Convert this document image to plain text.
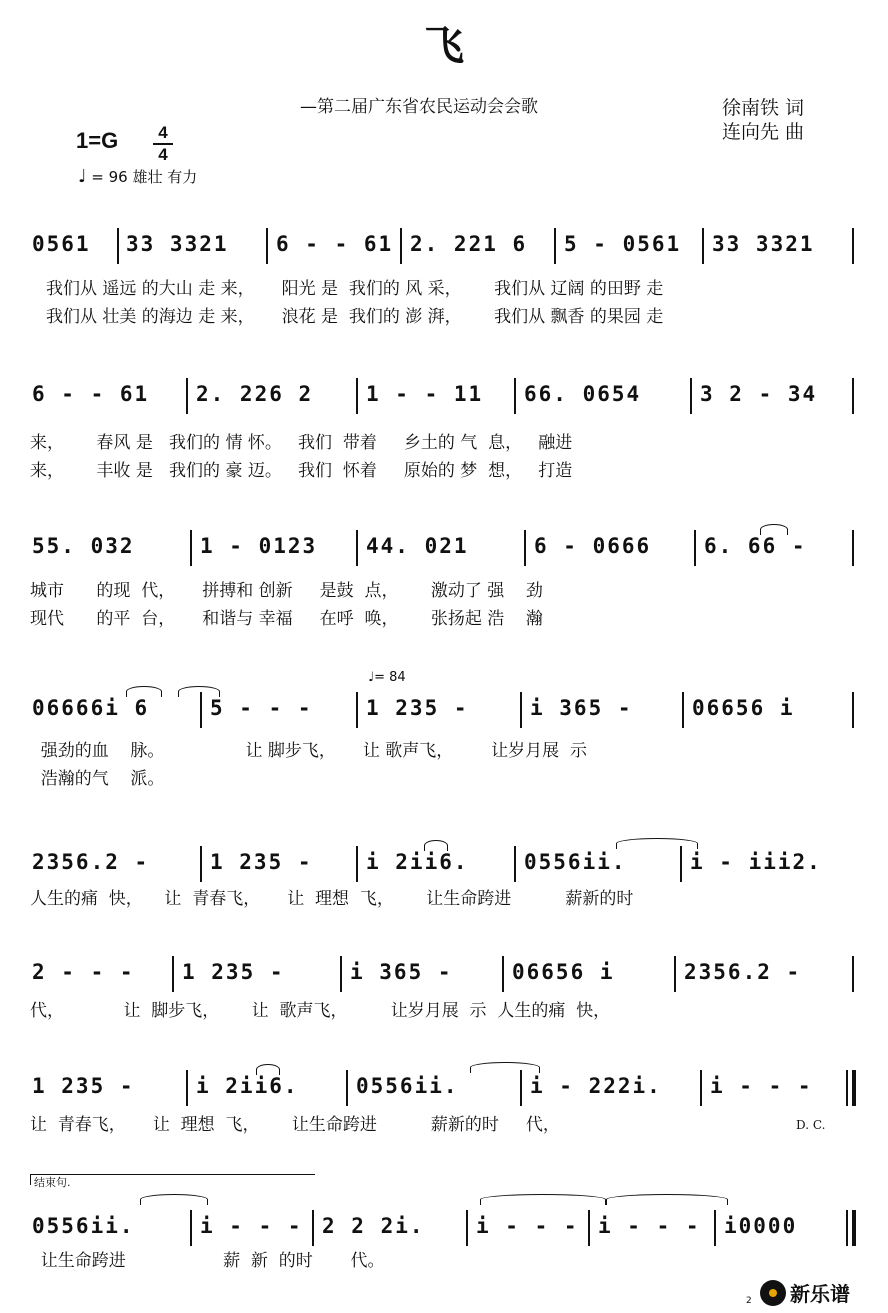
飞
—第二届广东省农民运动会会歌	徐南铁 词
连向先 曲
1=G	4
4
♩ = 96 雄壮 有力
0561 33 3321 6 - - 61 2. 221 6 5 - 0561 33 3321
我们从 遥远 的大山 走 来，     阳光 是  我们的 风 采，      我们从 辽阔 的田野 走
我们从 壮美 的海边 走 来，     浪花 是  我们的 澎 湃，      我们从 飘香 的果园 走
6 - - 61 2. 226 2	1 - - 11 66. 0654	3 2 - 34
来，      春风 是   我们的 情 怀。   我们  带着     乡土的 气  息，   融进
来，      丰收 是   我们的 豪 迈。   我们  怀着     原始的 梦  想，   打造
55. 032	1 - 0123 44. 021	6 - 0666	6. 66 -
城市      的现  代，     拼搏和 创新     是鼓  点，      激动了 强    劲
现代      的平  台，     和谐与 幸福     在呼  唤，      张扬起 浩    瀚
♩= 84
06666i 6	5 - - -	1 235 -	i 365 -	06656 i
强劲的血    脉。               让 脚步飞，     让 歌声飞，       让岁月展  示
浩瀚的气    派。
2356.2 -	1 235 -	i 2ii6.	0556ii.	i - iii2.
人生的痛  快，    让  青春飞，     让  理想  飞，      让生命跨进          薪新的时
2 - - - 1 235 -	i 365 -	06656 i	2356.2 -
代，           让  脚步飞，      让  歌声飞，        让岁月展  示  人生的痛  快，
1 235 -	i 2ii6.	0556ii.	i - 222i. i - - -
让  青春飞，     让  理想  飞，      让生命跨进          薪新的时     代，	D. C.
结束句.
0556ii.	i - - - 2 2 2i. i - - - i - - - i0000
让生命跨进                  薪  新  的时       代。
2 新乐谱
